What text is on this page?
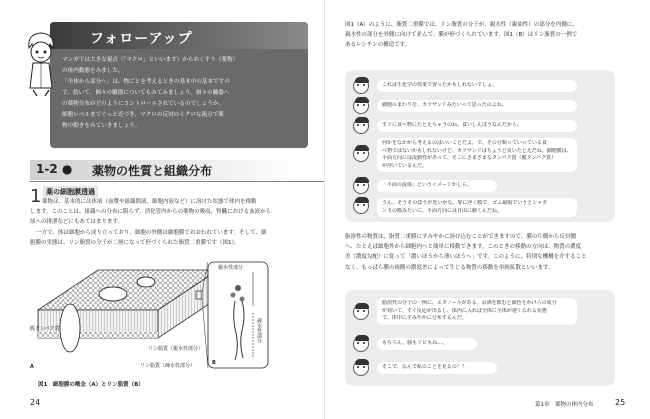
フォローアップ
マンガでは大きな視点（「マクロ」といいます）からおくすり（薬物）
の体内動態をみました。
「全体から部分へ」は、物ごとを考えるときの基本中の基本ですの
で、続いて、個々の臓器についてもみてみましょう。個々の臓器へ
の薬物分布がどのようにコントロールされているのでしょうか。
細胞レベルまでぐっと近づき、マクロの反対のミクロな視点で薬
物の動きをみていきましょう。
1-2 ● 薬物の性質と組織分布
1 薬の細胞膜透過
薬物は、基本的には体液（血漿や組織間液、細胞内液など）に溶けた状態で体内を移動
します。このことは、組織への分布に限らず、消化管内からの薬物の吸収、腎臓における血液から
尿への排泄などにもあてはまります。
一方で、体は細胞から成り立っており、細胞の外側は細胞膜でおおわれています。そして、細
胞膜の実態は、リン脂質の分子が二層になって形づくられた脂質二重膜です（図1）。
膜タンパク質
リン脂質（親水性部分）
リン脂質（疎水性部分）
親水性部分
疎水性部分
A
B
図1　細胞膜の概念（A）とリン脂質（B）
24
図1（A）のように、脂質二重膜では、リン脂質の分子が、親水性（親油性）の部分を内側に、
親水性の部分を外側に向けて並んで、膜が形づくられています。図1（B）はリン脂質の一例で
あるレシチンの構造です。
これは生化学の授業で習ったかもしれないでしょ。
細胞のまわりを、カツサンドみたいって思ったのよね。
すぐに食べ物にたとえちゃうのね。食いしんぼうなんだから。
何かをなかから考えるのはいいことだよ。で、その分類っていっている食
べ物ではないかもしれないけど、カツサンドはちょうど良いたとえだね。細胞膜は、
平面方向には流動性があって、そこにさまざまなタンパク質（膜タンパク質）
が浮いているんだ。
「平面の流体」というイメージかしら。
うん。そうそのほうが近いかな。扉に浮く膜で、ゴム風船でいうとシャボ
ン玉の膜みたいに、平面方向には自由に動くんだね。
脂溶性の物質は、脂質二重膜にすみやかに溶け込むことができますので、膜の片側から反対側
へ、たとえば細胞外から細胞内へと簡単に移動できます。このときの移動の方向は、物質の濃度
差（濃度勾配）に従って「濃いほうから薄いほうへ」です。このように、特別な機構を介すること
なく、もっぱら膜の両側の濃度差によって生じる物質の移動を単純拡散といいます。
脂溶性の分子の一例に、エタノールがある。お酒を飲むと顔色をかけらの成分
が効いて、すぐ反応が出るし、体内に入れば全体に全体が速くなれる状態
で、体中にすみやかに分布するんだ。
もちろん、脳もソビもね…。
そこで、なんで私のことを見るの！？
第1章　薬物の体内分布	25
